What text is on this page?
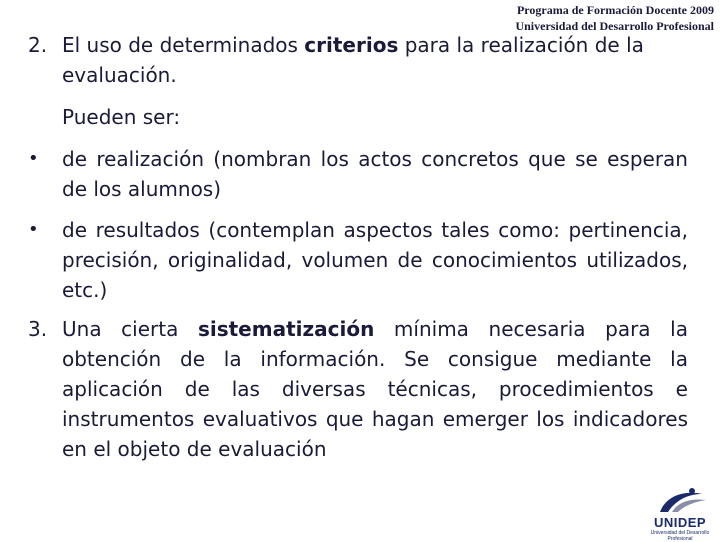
Programa de Formación Docente 2009
Universidad del Desarrollo Profesional
2. El uso de determinados criterios para la realización de la evaluación.
Pueden ser:
• de realización (nombran los actos concretos que se esperan de los alumnos)
• de resultados (contemplan aspectos tales como: pertinencia, precisión, originalidad, volumen de conocimientos utilizados, etc.)
3. Una cierta sistematización mínima necesaria para la obtención de la información. Se consigue mediante la aplicación de las diversas técnicas, procedimientos e instrumentos evaluativos que hagan emerger los indicadores en el objeto de evaluación
UNIDEP
Universidad del Desarrollo Profesional
